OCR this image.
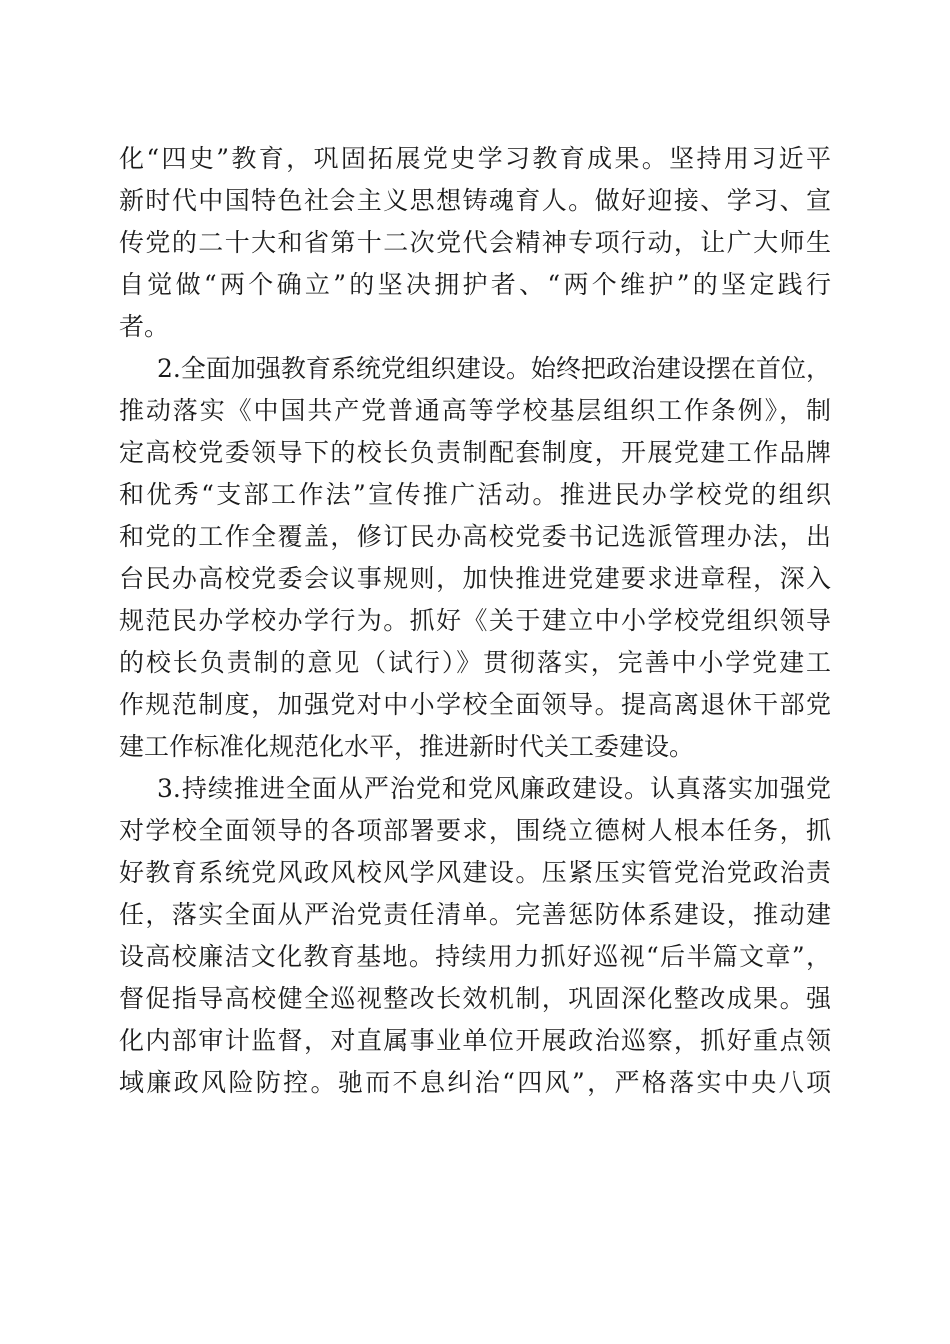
化“四史”教育，巩固拓展党史学习教育成果。坚持用习近平
新时代中国特色社会主义思想铸魂育人。做好迎接、学习、宣
传党的二十大和省第十二次党代会精神专项行动，让广大师生
自觉做“两个确立”的坚决拥护者、“两个维护”的坚定践行
者。
2.全面加强教育系统党组织建设。始终把政治建设摆在首位，
推动落实《中国共产党普通高等学校基层组织工作条例》，制
定高校党委领导下的校长负责制配套制度，开展党建工作品牌
和优秀“支部工作法”宣传推广活动。推进民办学校党的组织
和党的工作全覆盖，修订民办高校党委书记选派管理办法，出
台民办高校党委会议事规则，加快推进党建要求进章程，深入
规范民办学校办学行为。抓好《关于建立中小学校党组织领导
的校长负责制的意见（试行）》贯彻落实，完善中小学党建工
作规范制度，加强党对中小学校全面领导。提高离退休干部党
建工作标准化规范化水平，推进新时代关工委建设。
3.持续推进全面从严治党和党风廉政建设。认真落实加强党
对学校全面领导的各项部署要求，围绕立德树人根本任务，抓
好教育系统党风政风校风学风建设。压紧压实管党治党政治责
任，落实全面从严治党责任清单。完善惩防体系建设，推动建
设高校廉洁文化教育基地。持续用力抓好巡视“后半篇文章”，
督促指导高校健全巡视整改长效机制，巩固深化整改成果。强
化内部审计监督，对直属事业单位开展政治巡察，抓好重点领
域廉政风险防控。驰而不息纠治“四风”，严格落实中央八项
